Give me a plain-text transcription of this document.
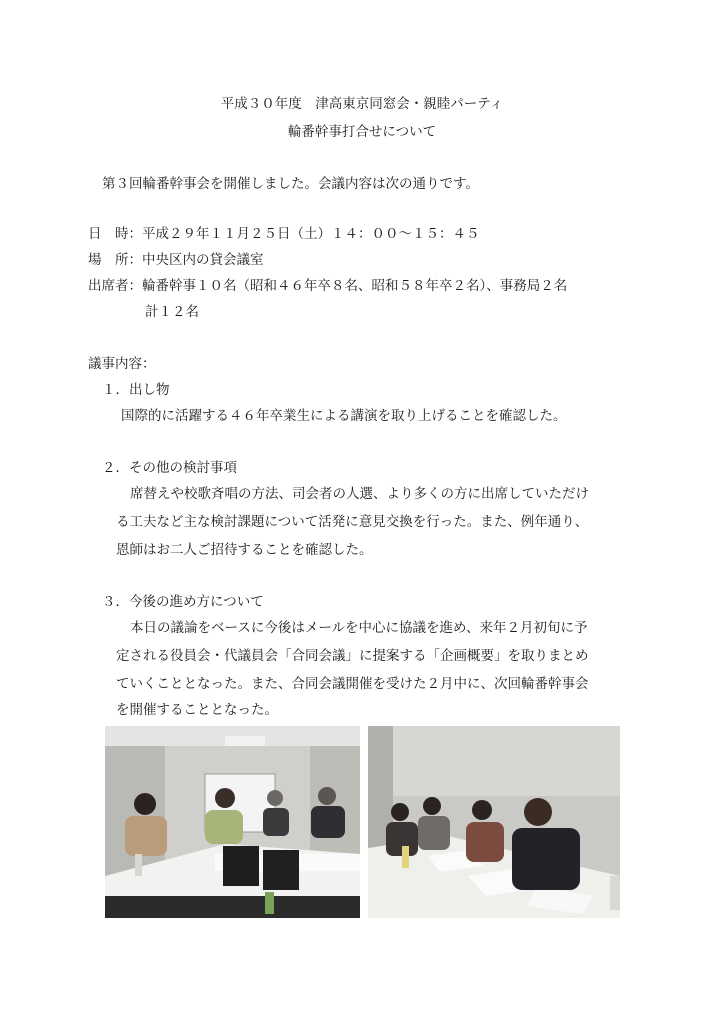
平成３０年度　津高東京同窓会・親睦パーティ
輪番幹事打合せについて
第３回輪番幹事会を開催しました。会議内容は次の通りです。
日　時：平成２９年１１月２５日（土）１４：００〜１５：４５
場　所：中央区内の貸会議室
出席者：輪番幹事１０名（昭和４６年卒８名、昭和５８年卒２名）、事務局２名
計１２名
議事内容：
１．出し物
国際的に活躍する４６年卒業生による講演を取り上げることを確認した。
２．その他の検討事項
席替えや校歌斉唱の方法、司会者の人選、より多くの方に出席していただけ
る工夫など主な検討課題について活発に意見交換を行った。また、例年通り、
恩師はお二人ご招待することを確認した。
３．今後の進め方について
本日の議論をベースに今後はメールを中心に協議を進め、来年２月初旬に予
定される役員会・代議員会「合同会議」に提案する「企画概要」を取りまとめ
ていくこととなった。また、合同会議開催を受けた２月中に、次回輪番幹事会
を開催することとなった。
